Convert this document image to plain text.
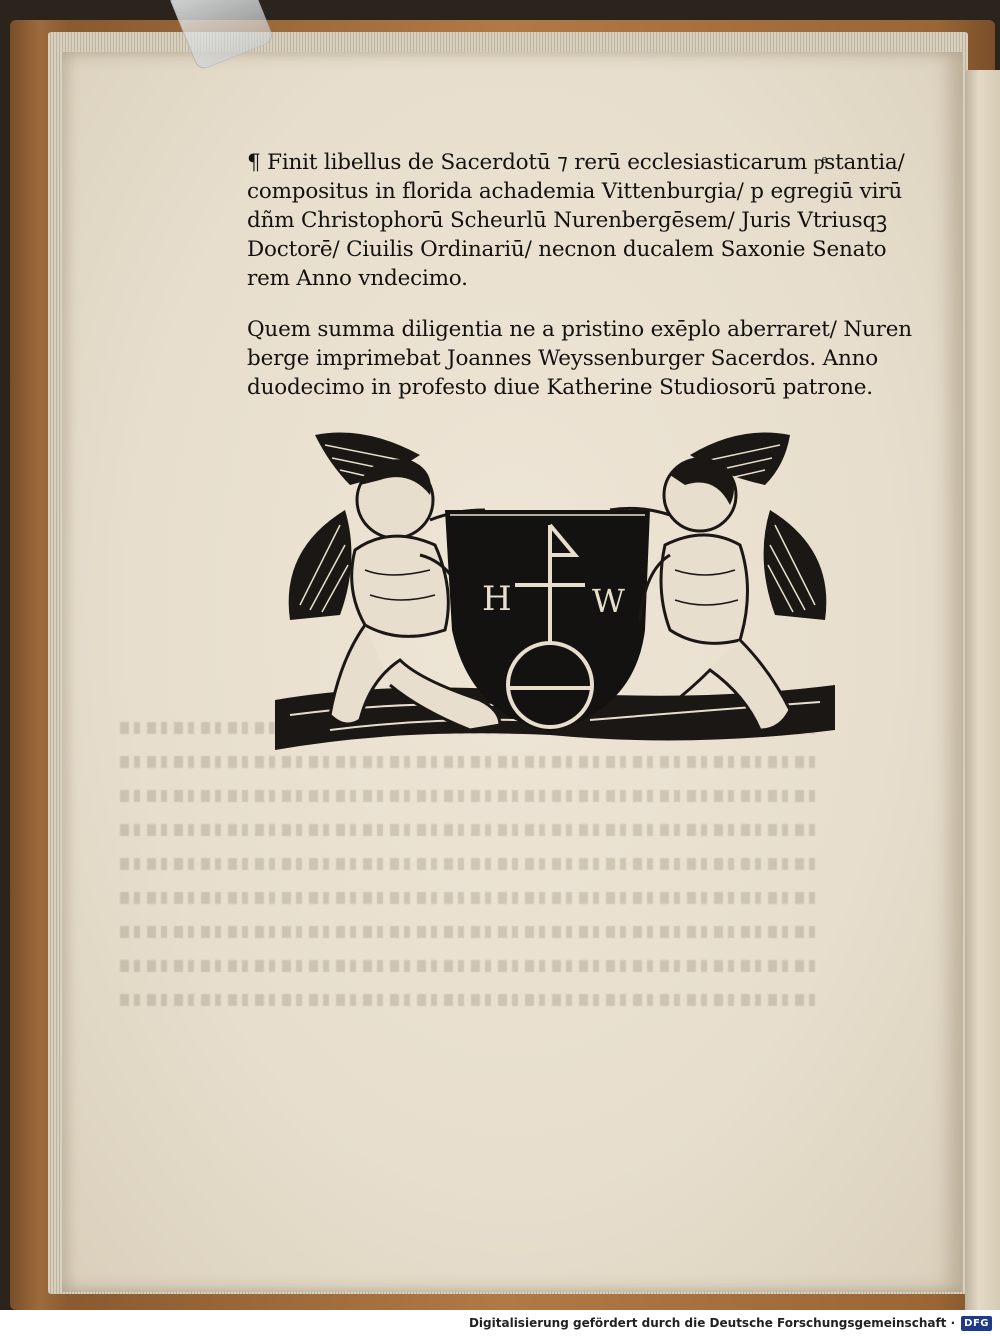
¶ Finit libellus de Sacerdotū ⁊ rerū ecclesiasticarum pͤstantia/
compositus in florida achademia Vittenburgia/ p egregiū virū
dñm Christophorū Scheurlū Nurenbergēsem/ Juris Vtriusqꝫ
Doctorē/ Ciuilis Ordinariū/ necnon ducalem Saxonie Senato
rem Anno vndecimo.
Quem summa diligentia ne a pristino exēplo aberraret/ Nuren
berge imprimebat Joannes Weyssenburger Sacerdos. Anno
duodecimo in profesto diue Katherine Studiosorū patrone.
H	W
Digitalisierung gefördert durch die Deutsche Forschungsgemeinschaft · DFG
